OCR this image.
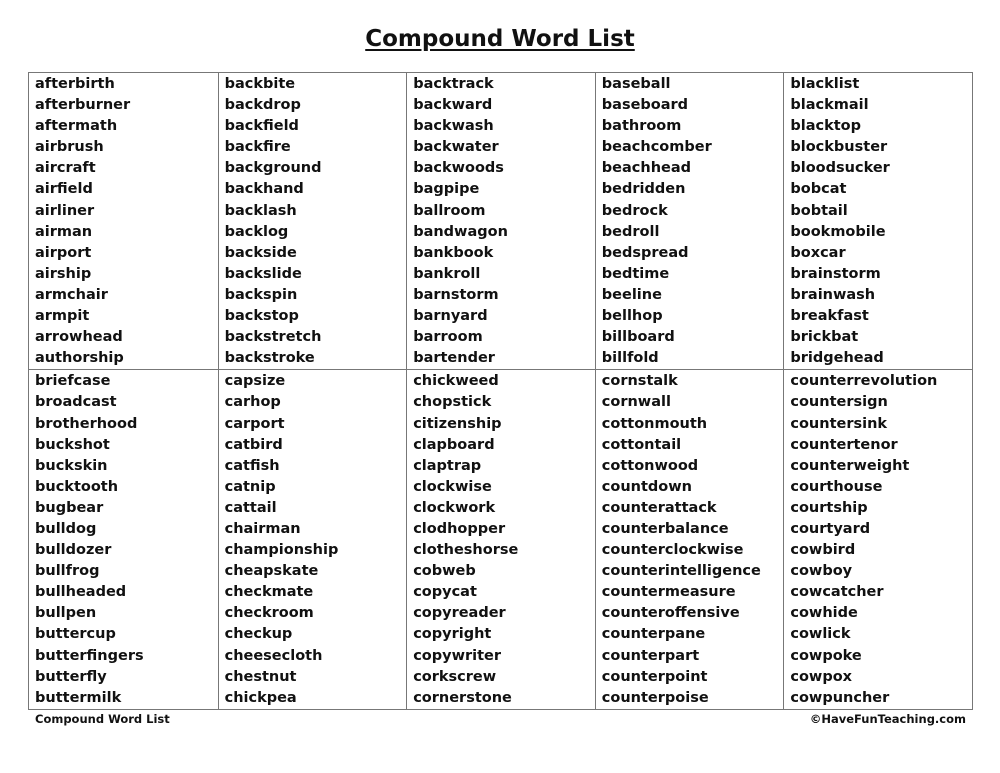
Compound Word List
afterbirth
afterburner
aftermath
airbrush
aircraft
airfield
airliner
airman
airport
airship
armchair
armpit
arrowhead
authorship
backbite
backdrop
backfield
backfire
background
backhand
backlash
backlog
backside
backslide
backspin
backstop
backstretch
backstroke
backtrack
backward
backwash
backwater
backwoods
bagpipe
ballroom
bandwagon
bankbook
bankroll
barnstorm
barnyard
barroom
bartender
baseball
baseboard
bathroom
beachcomber
beachhead
bedridden
bedrock
bedroll
bedspread
bedtime
beeline
bellhop
billboard
billfold
blacklist
blackmail
blacktop
blockbuster
bloodsucker
bobcat
bobtail
bookmobile
boxcar
brainstorm
brainwash
breakfast
brickbat
bridgehead
briefcase
broadcast
brotherhood
buckshot
buckskin
bucktooth
bugbear
bulldog
bulldozer
bullfrog
bullheaded
bullpen
buttercup
butterfingers
butterfly
buttermilk
capsize
carhop
carport
catbird
catfish
catnip
cattail
chairman
championship
cheapskate
checkmate
checkroom
checkup
cheesecloth
chestnut
chickpea
chickweed
chopstick
citizenship
clapboard
claptrap
clockwise
clockwork
clodhopper
clotheshorse
cobweb
copycat
copyreader
copyright
copywriter
corkscrew
cornerstone
cornstalk
cornwall
cottonmouth
cottontail
cottonwood
countdown
counterattack
counterbalance
counterclockwise
counterintelligence
countermeasure
counteroffensive
counterpane
counterpart
counterpoint
counterpoise
counterrevolution
countersign
countersink
countertenor
counterweight
courthouse
courtship
courtyard
cowbird
cowboy
cowcatcher
cowhide
cowlick
cowpoke
cowpox
cowpuncher
Compound Word List	©HaveFunTeaching.com
